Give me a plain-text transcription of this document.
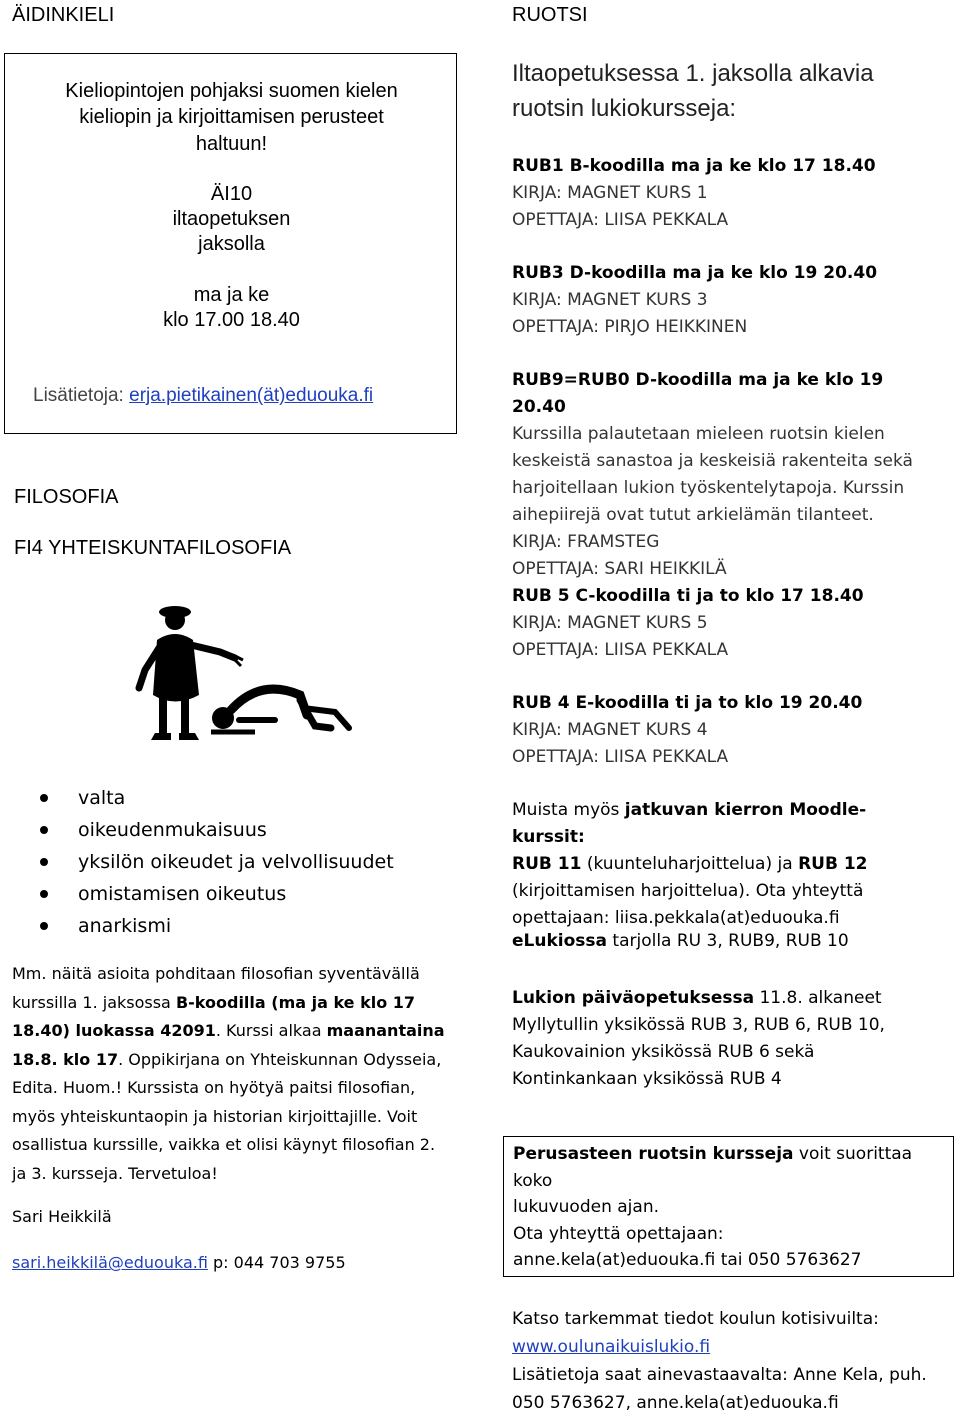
ÄIDINKIELI
Kieliopintojen pohjaksi suomen kielen
kieliopin ja kirjoittamisen perusteet
haltuun!
ÄI10
iltaopetuksen
jaksolla
ma ja ke
klo 17.00 18.40
Lisätietoja: erja.pietikainen(ät)eduouka.fi
FILOSOFIA
FI4 YHTEISKUNTAFILOSOFIA
valta
oikeudenmukaisuus
yksilön oikeudet ja velvollisuudet
omistamisen oikeutus
anarkismi
Mm. näitä asioita pohditaan filosofian syventävällä kurssilla 1. jaksossa B-koodilla (ma ja ke klo 17 18.40) luokassa 42091. Kurssi alkaa maanantaina 18.8. klo 17. Oppikirjana on Yhteiskunnan Odysseia, Edita. Huom.! Kurssista on hyötyä paitsi filosofian, myös yhteiskuntaopin ja historian kirjoittajille. Voit osallistua kurssille, vaikka et olisi käynyt filosofian 2. ja 3. kursseja. Tervetuloa!
Sari Heikkilä
sari.heikkilä@eduouka.fi p: 044 703 9755
RUOTSI
Iltaopetuksessa 1. jaksolla alkavia ruotsin lukiokursseja:
RUB1 B-koodilla ma ja ke klo 17 18.40
KIRJA: MAGNET KURS 1
OPETTAJA: LIISA PEKKALA
RUB3 D-koodilla ma ja ke klo 19 20.40
KIRJA: MAGNET KURS 3
OPETTAJA: PIRJO HEIKKINEN
RUB9=RUB0 D-koodilla ma ja ke klo 19 20.40
Kurssilla palautetaan mieleen ruotsin kielen
keskeistä sanastoa ja keskeisiä rakenteita sekä
harjoitellaan lukion työskentelytapoja. Kurssin
aihepiirejä ovat tutut arkielämän tilanteet.
KIRJA: FRAMSTEG
OPETTAJA: SARI HEIKKILÄ
RUB 5 C-koodilla ti ja to klo 17 18.40
KIRJA: MAGNET KURS 5
OPETTAJA: LIISA PEKKALA
RUB 4 E-koodilla ti ja to klo 19 20.40
KIRJA: MAGNET KURS 4
OPETTAJA: LIISA PEKKALA
Muista myös jatkuvan kierron Moodle-kurssit:
RUB 11 (kuunteluharjoittelua) ja RUB 12
(kirjoittamisen harjoittelua). Ota yhteyttä
opettajaan: liisa.pekkala(at)eduouka.fi
eLukiossa tarjolla RU 3, RUB9, RUB 10
Lukion päiväopetuksessa 11.8. alkaneet
Myllytullin yksikössä RUB 3, RUB 6, RUB 10,
Kaukovainion yksikössä RUB 6 sekä
Kontinkankaan yksikössä RUB 4
Perusasteen ruotsin kursseja voit suorittaa koko
lukuvuoden ajan.
Ota yhteyttä opettajaan:
anne.kela(at)eduouka.fi tai 050 5763627
Katso tarkemmat tiedot koulun kotisivuilta:
www.oulunaikuislukio.fi
Lisätietoja saat ainevastaavalta: Anne Kela, puh.
050 5763627, anne.kela(at)eduouka.fi
